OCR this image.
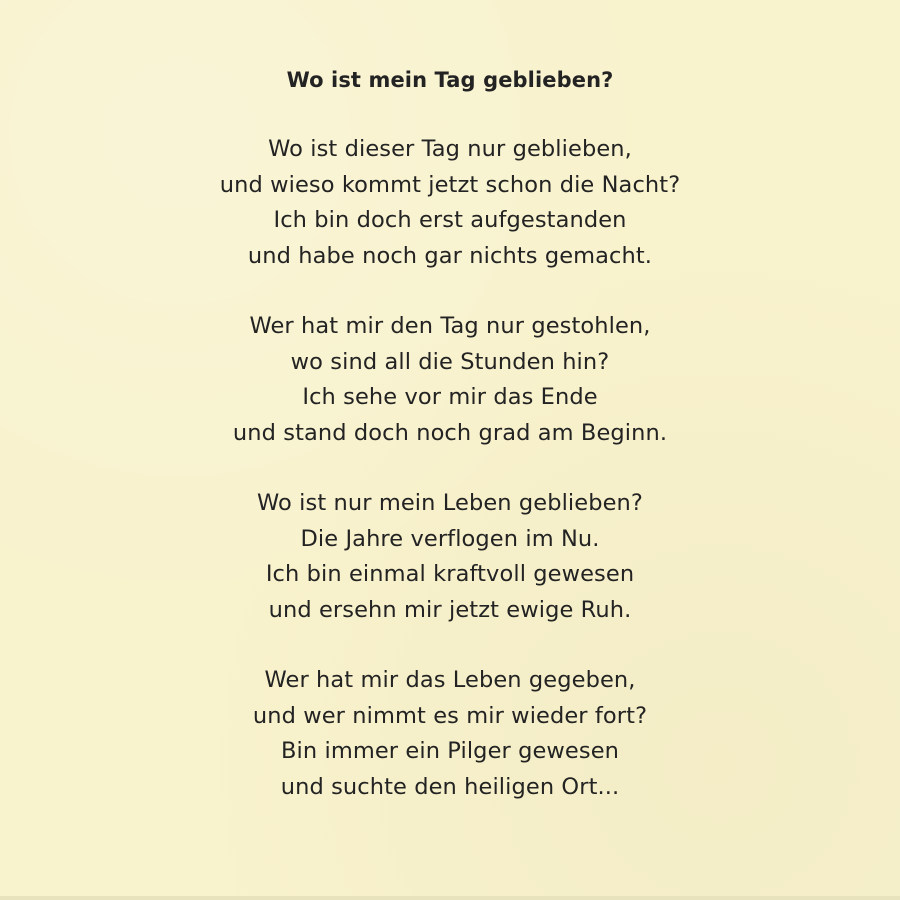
Wo ist mein Tag geblieben?
Wo ist dieser Tag nur geblieben,
und wieso kommt jetzt schon die Nacht?
Ich bin doch erst aufgestanden
und habe noch gar nichts gemacht.
Wer hat mir den Tag nur gestohlen,
wo sind all die Stunden hin?
Ich sehe vor mir das Ende
und stand doch noch grad am Beginn.
Wo ist nur mein Leben geblieben?
Die Jahre verflogen im Nu.
Ich bin einmal kraftvoll gewesen
und ersehn mir jetzt ewige Ruh.
Wer hat mir das Leben gegeben,
und wer nimmt es mir wieder fort?
Bin immer ein Pilger gewesen
und suchte den heiligen Ort...
